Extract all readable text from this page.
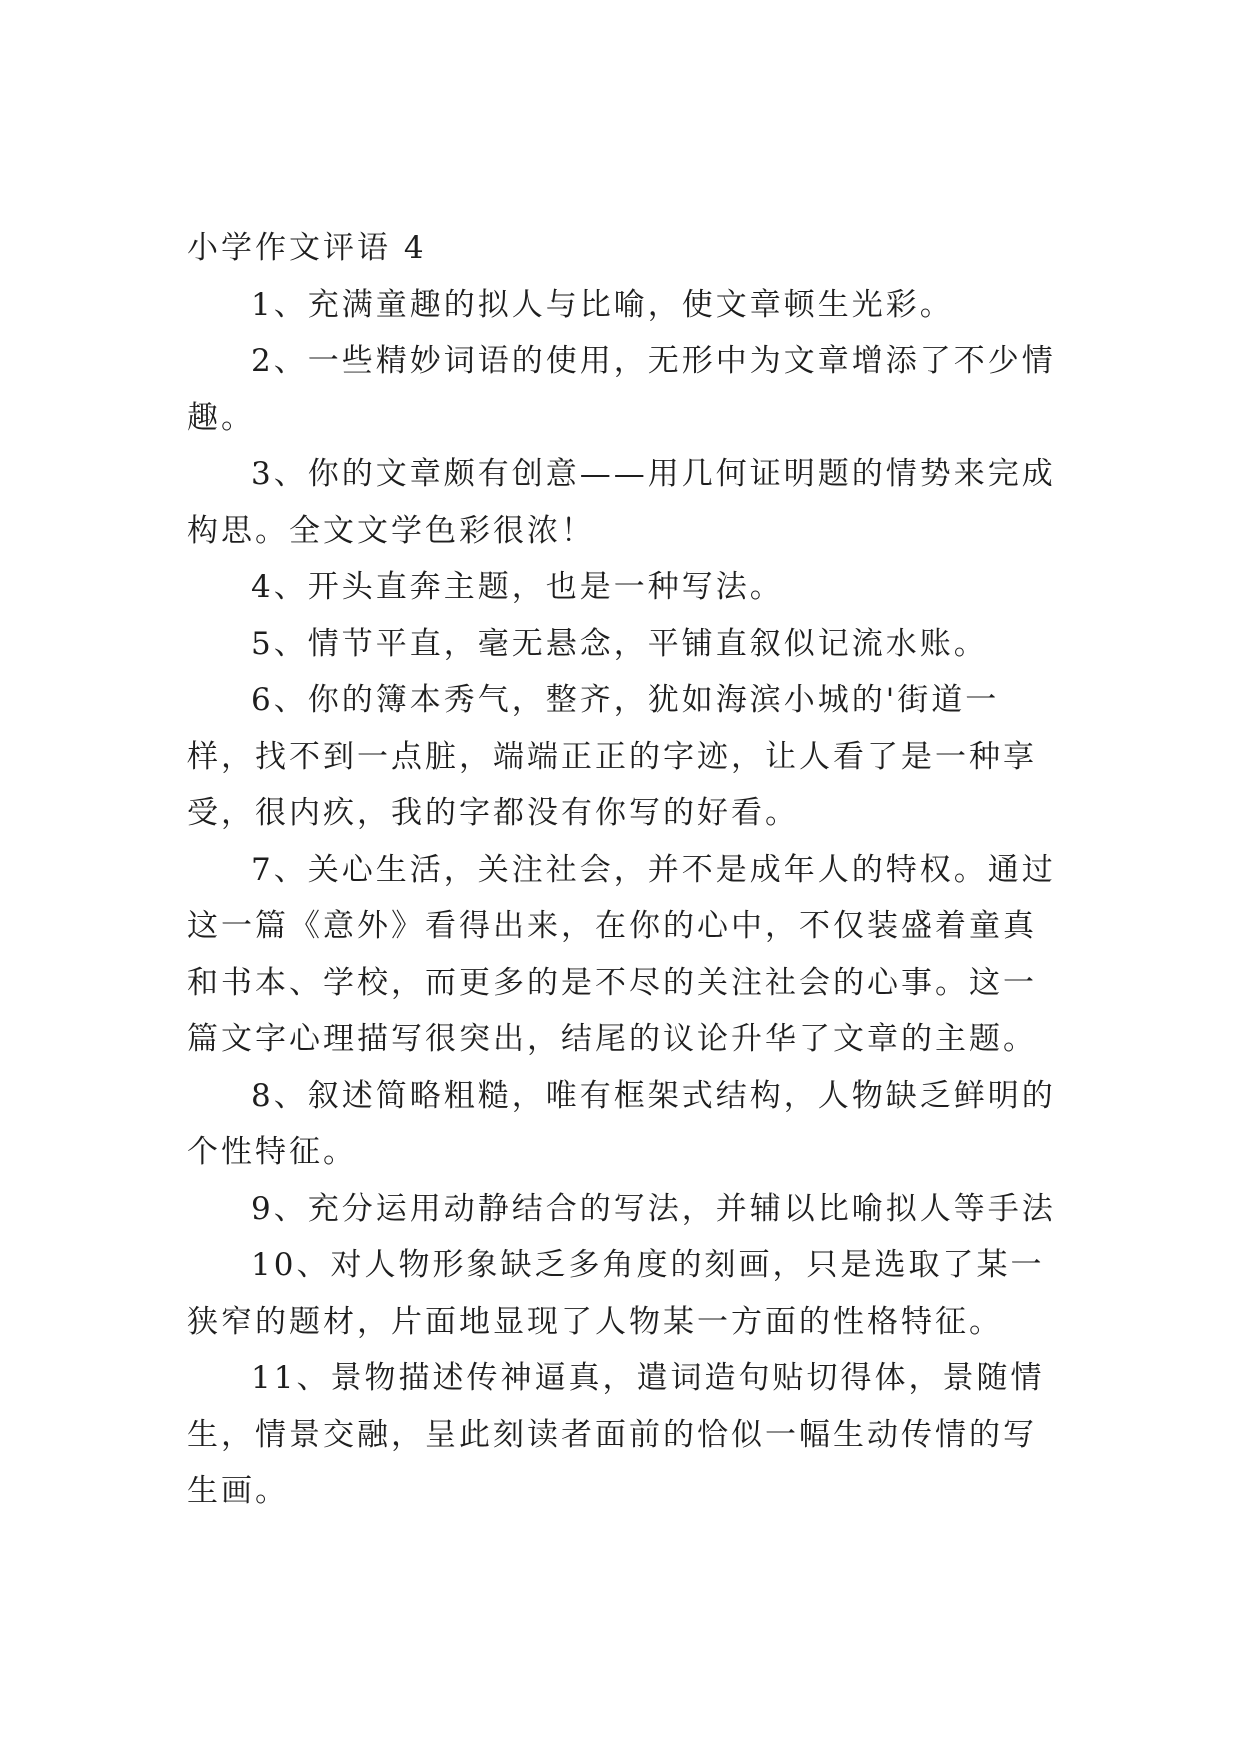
小学作文评语 4

1、充满童趣的拟人与比喻，使文章顿生光彩。

2、一些精妙词语的使用，无形中为文章增添了不少情趣。

3、你的文章颇有创意——用几何证明题的情势来完成构思。全文文学色彩很浓！

4、开头直奔主题，也是一种写法。

5、情节平直，毫无悬念，平铺直叙似记流水账。

6、你的簿本秀气，整齐，犹如海滨小城的'街道一样，找不到一点脏，端端正正的字迹，让人看了是一种享受，很内疚，我的字都没有你写的好看。

7、关心生活，关注社会，并不是成年人的特权。通过这一篇《意外》看得出来，在你的心中，不仅装盛着童真和书本、学校，而更多的是不尽的关注社会的心事。这一篇文字心理描写很突出，结尾的议论升华了文章的主题。

8、叙述简略粗糙，唯有框架式结构，人物缺乏鲜明的个性特征。

9、充分运用动静结合的写法，并辅以比喻拟人等手法

10、对人物形象缺乏多角度的刻画，只是选取了某一狭窄的题材，片面地显现了人物某一方面的性格特征。

11、景物描述传神逼真，遣词造句贴切得体，景随情生，情景交融，呈此刻读者面前的恰似一幅生动传情的写生画。
